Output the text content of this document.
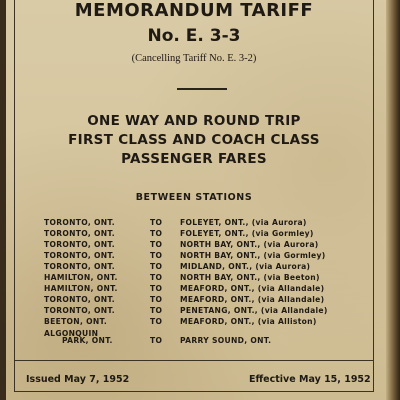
MEMORANDUM TARIFF
No. E. 3-3
(Cancelling Tariff No. E. 3-2)
ONE WAY AND ROUND TRIP
FIRST CLASS AND COACH CLASS
PASSENGER FARES
BETWEEN STATIONS
TORONTO, ONT.	TO FOLEYET, ONT., (via Aurora)
TORONTO, ONT.	TO FOLEYET, ONT., (via Gormley)
TORONTO, ONT.	TO NORTH BAY, ONT., (via Aurora)
TORONTO, ONT.	TO NORTH BAY, ONT., (via Gormley)
TORONTO, ONT.	TO MIDLAND, ONT., (via Aurora)
HAMILTON, ONT.	TO NORTH BAY, ONT., (via Beeton)
HAMILTON, ONT.	TO MEAFORD, ONT., (via Allandale)
TORONTO, ONT.	TO MEAFORD, ONT., (via Allandale)
TORONTO, ONT.	TO PENETANG, ONT., (via Allandale)
BEETON, ONT.	TO MEAFORD, ONT., (via Alliston)
ALGONQUIN
PARK, ONT.	TO PARRY SOUND, ONT.
Issued May 7, 1952	Effective May 15, 1952
